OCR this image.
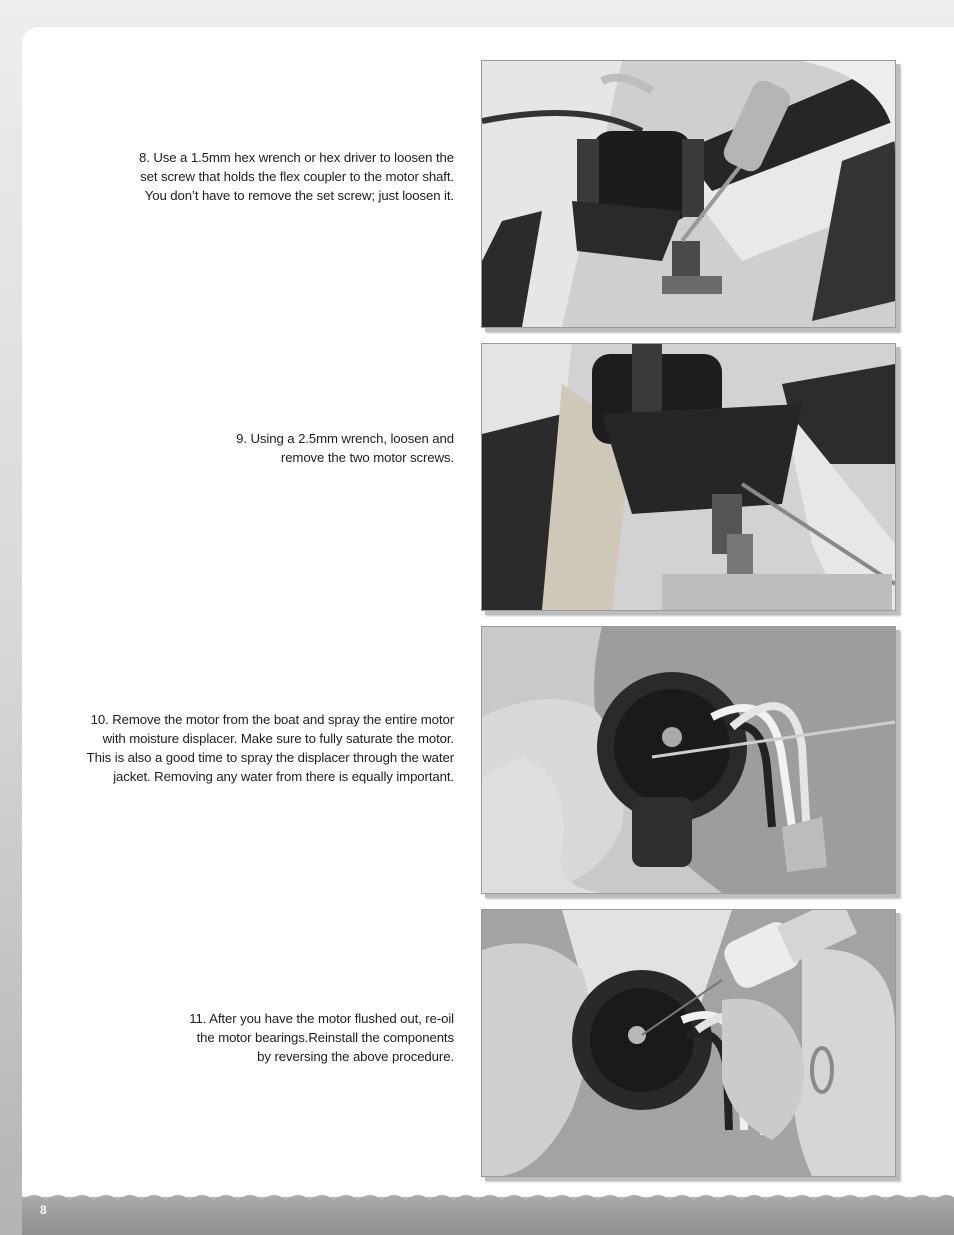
8. Use a 1.5mm hex wrench or hex driver to loosen the
set screw that holds the flex coupler to the motor shaft.
You don’t have to remove the set screw; just loosen it.
9. Using a 2.5mm wrench, loosen and
remove the two motor screws.
10. Remove the motor from the boat and spray the entire motor
with moisture displacer. Make sure to fully saturate the motor.
This is also a good time to spray the displacer through the water
jacket. Removing any water from there is equally important.
11. After you have the motor flushed out, re-oil
the motor bearings.Reinstall the components
by reversing the above procedure.
8
